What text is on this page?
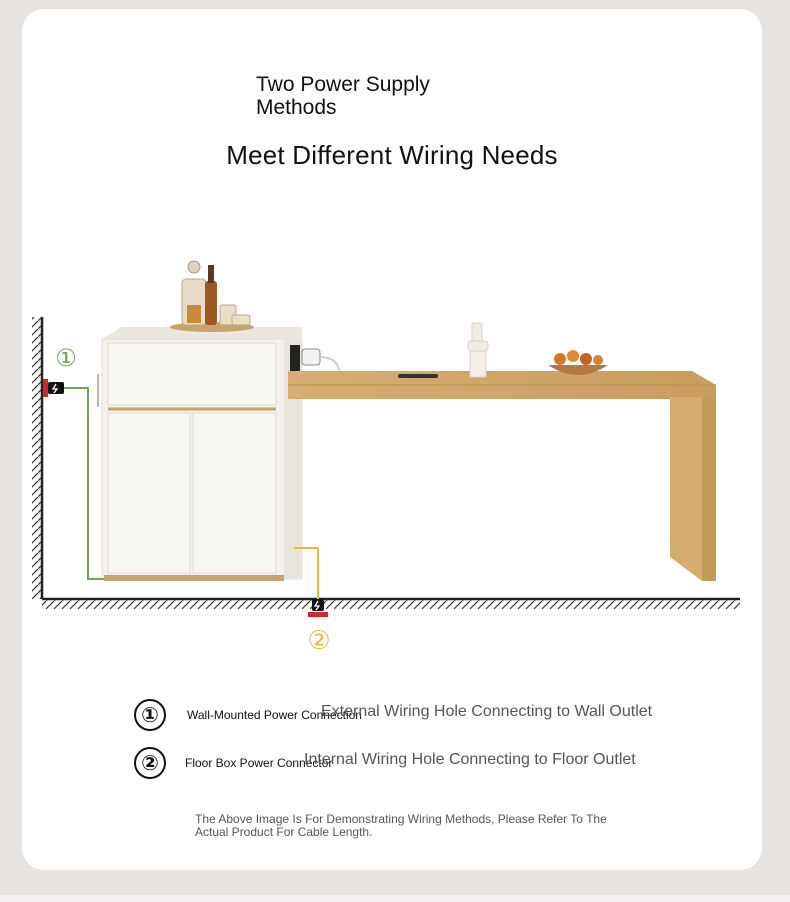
Two Power Supply Methods
Meet Different Wiring Needs
①
②
①	Wall-Mounted Power Connection
External Wiring Hole Connecting to Wall Outlet
②	Floor Box Power Connector
Internal Wiring Hole Connecting to Floor Outlet
The Above Image Is For Demonstrating Wiring Methods, Please Refer To The Actual Product For Cable Length.
